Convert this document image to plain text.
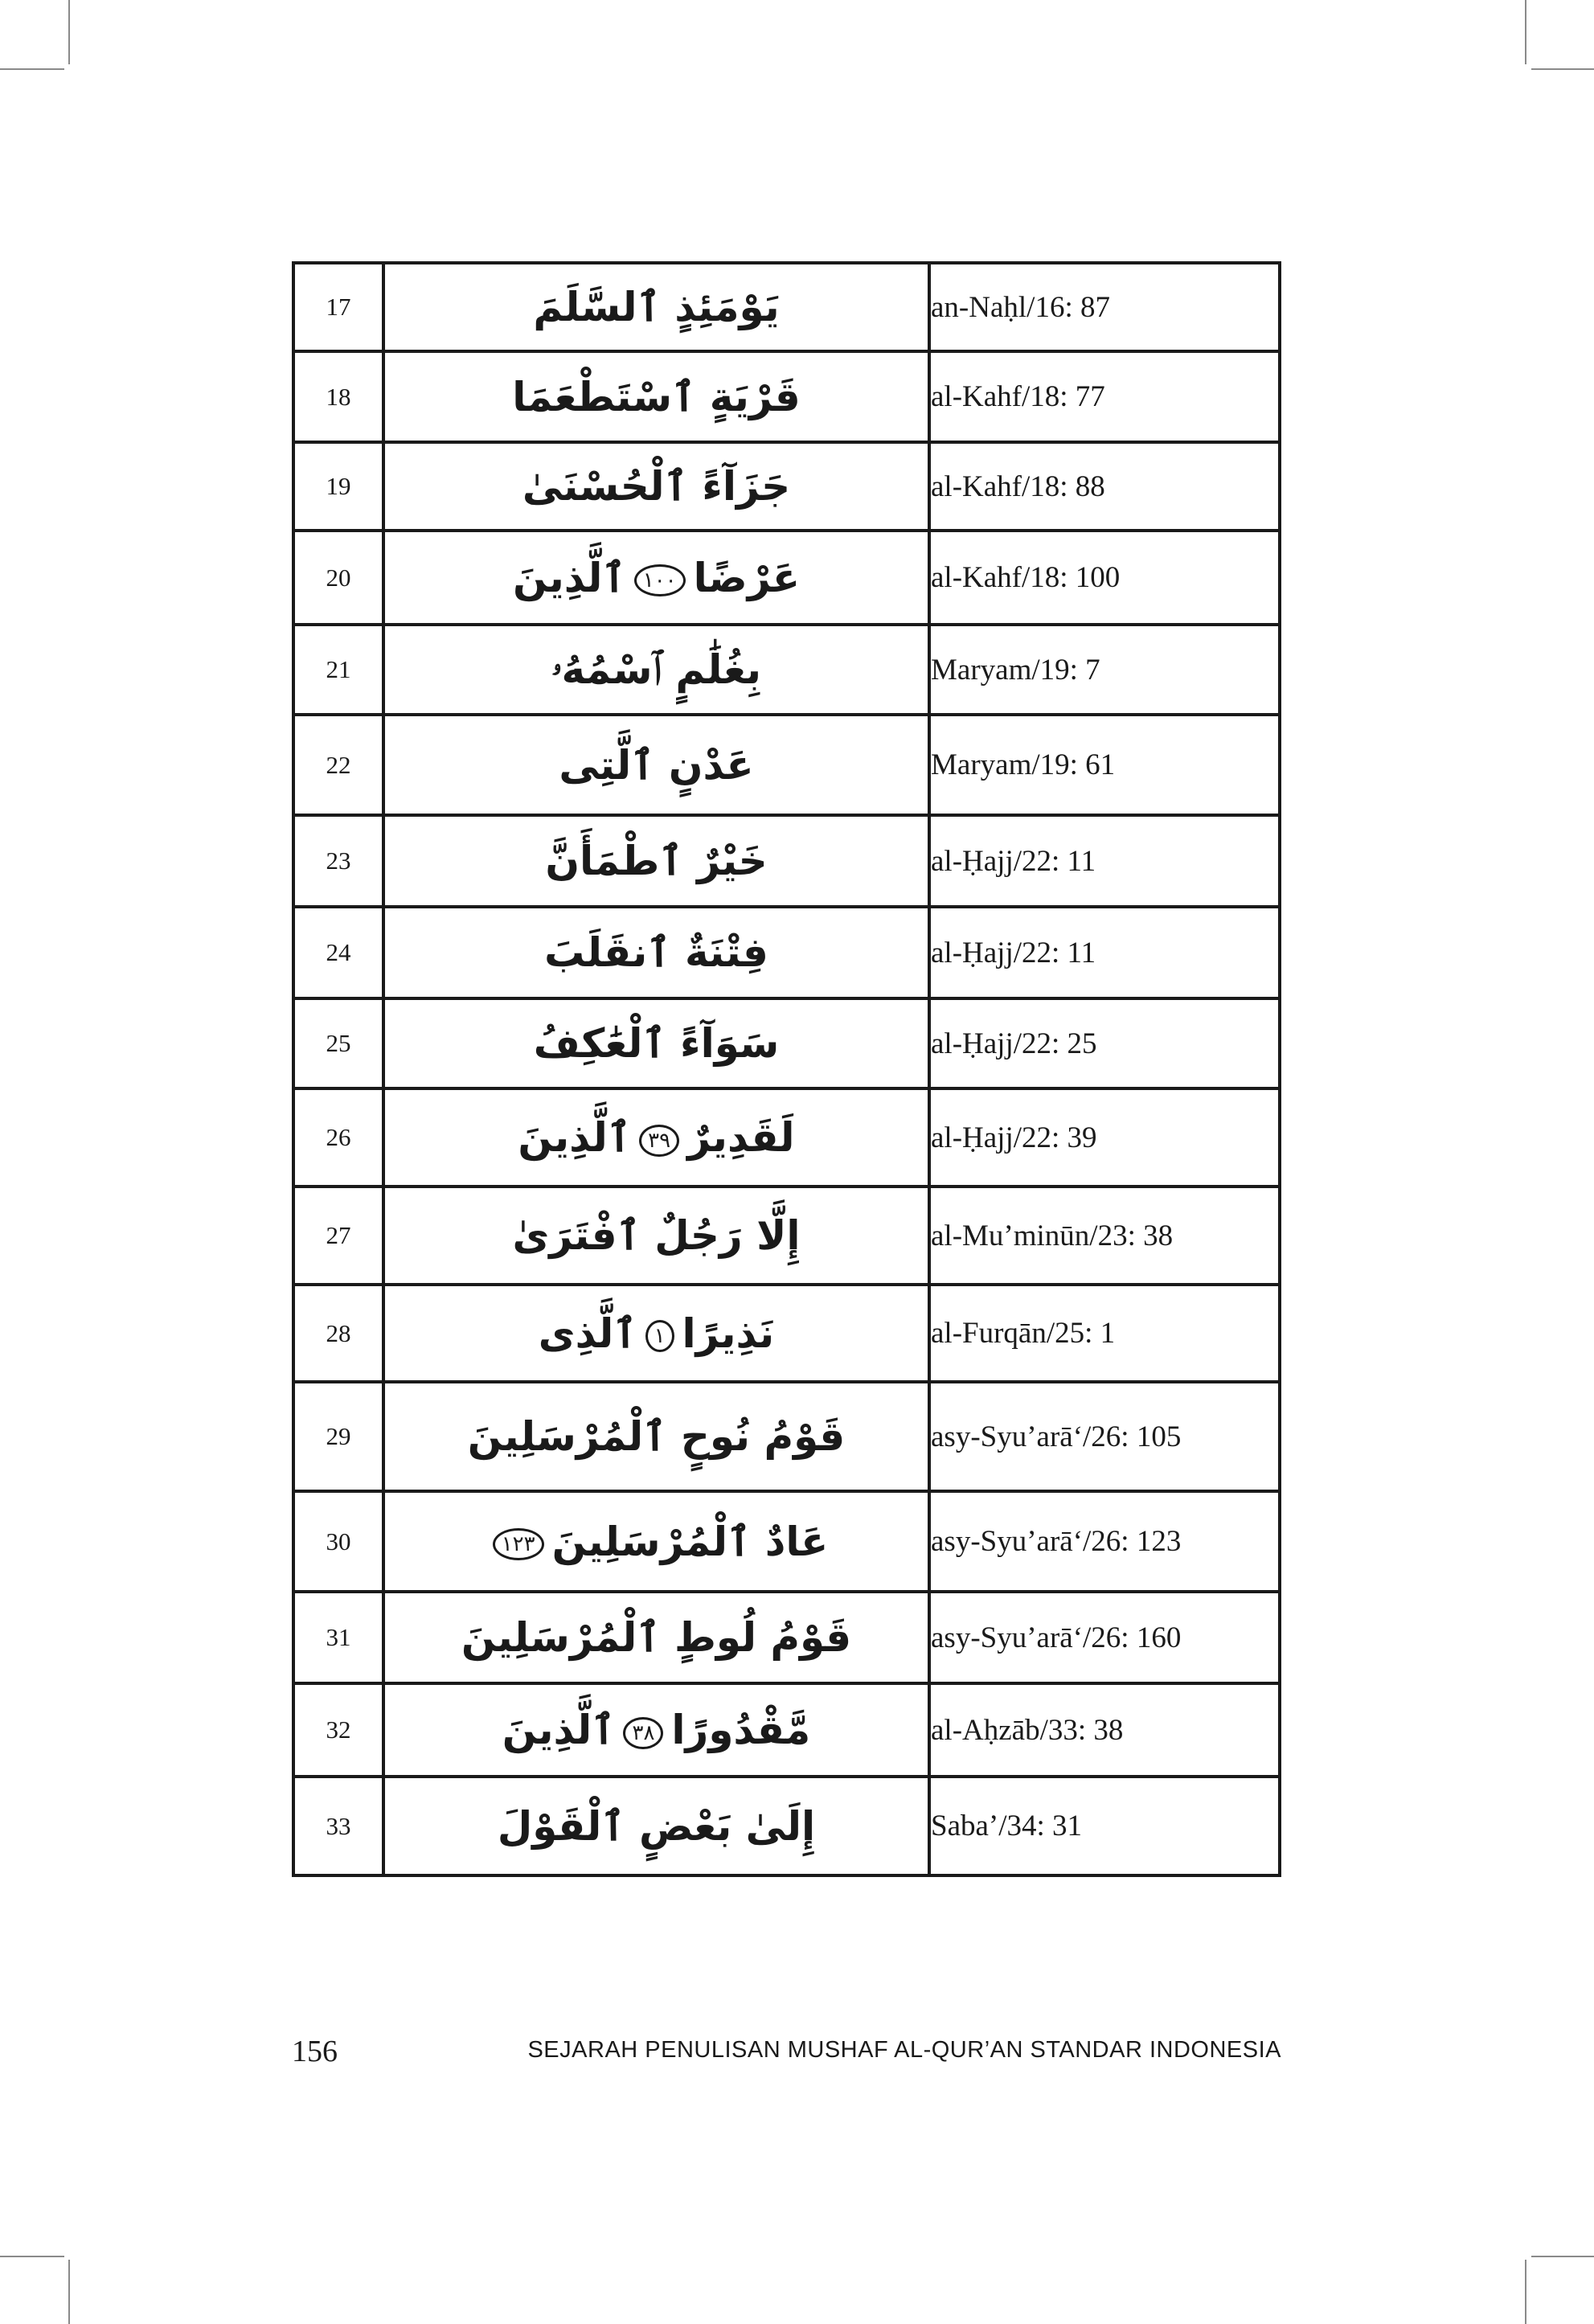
17	يَوْمَئِذٍ ٱلسَّلَمَ	an-Naḥl/16: 87
18	قَرْيَةٍ ٱسْتَطْعَمَا	al-Kahf/18: 77
19	جَزَآءً ٱلْحُسْنَىٰ	al-Kahf/18: 88
20	عَرْضًا١٠٠ٱلَّذِينَ	al-Kahf/18: 100
21	بِغُلَٰمٍ ٱسْمُهُۥ	Maryam/19: 7
22	عَدْنٍ ٱلَّتِى	Maryam/19: 61
23	خَيْرٌ ٱطْمَأَنَّ	al-Ḥajj/22: 11
24	فِتْنَةٌ ٱنقَلَبَ	al-Ḥajj/22: 11
25	سَوَآءً ٱلْعَٰكِفُ	al-Ḥajj/22: 25
26	لَقَدِيرٌ٣٩ٱلَّذِينَ	al-Ḥajj/22: 39
27	إِلَّا رَجُلٌ ٱفْتَرَىٰ	al-Mu’minūn/23: 38
28	نَذِيرًا١ٱلَّذِى	al-Furqān/25: 1
29	قَوْمُ نُوحٍ ٱلْمُرْسَلِينَ	asy-Syu’arā‘/26: 105
30	عَادٌ ٱلْمُرْسَلِينَ١٢٣	asy-Syu’arā‘/26: 123
31	قَوْمُ لُوطٍ ٱلْمُرْسَلِينَ	asy-Syu’arā‘/26: 160
32	مَّقْدُورًا٣٨ٱلَّذِينَ	al-Aḥzāb/33: 38
33	إِلَىٰ بَعْضٍ ٱلْقَوْلَ	Saba’/34: 31
156	SEJARAH PENULISAN MUSHAF AL-QUR’AN STANDAR INDONESIA
